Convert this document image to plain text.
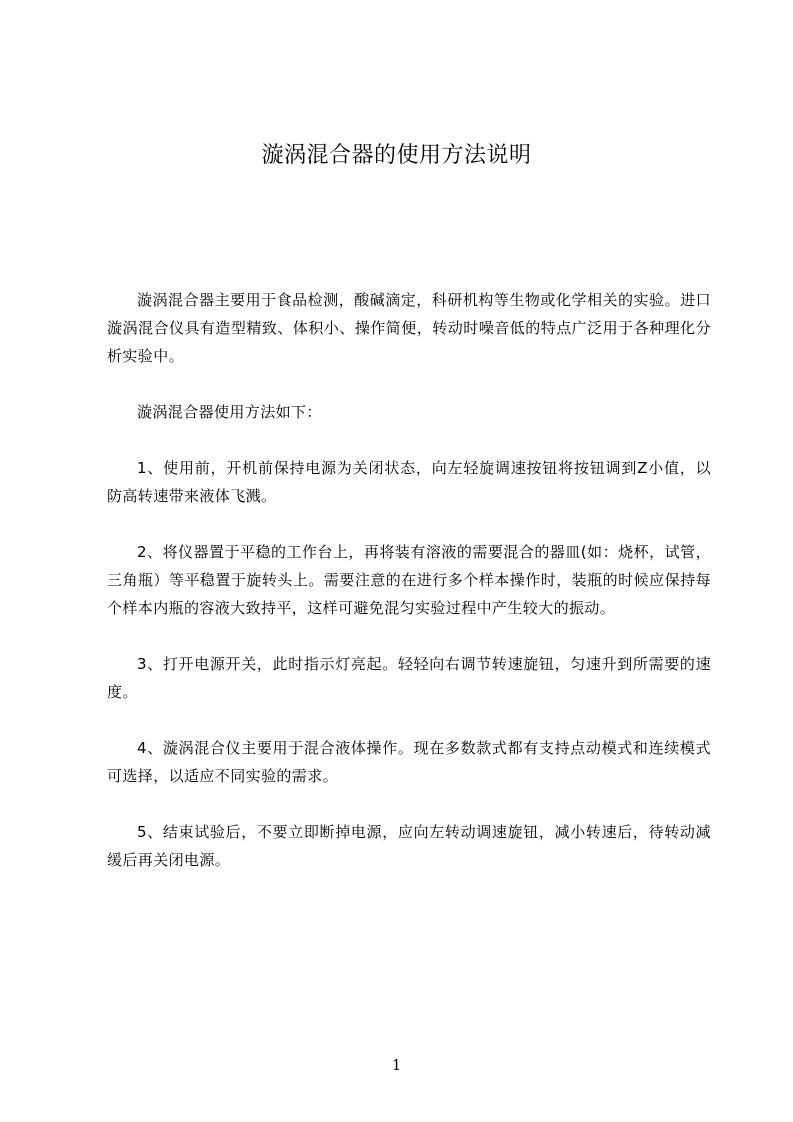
漩涡混合器的使用方法说明

漩涡混合器主要用于食品检测，酸碱滴定，科研机构等生物或化学相关的实验。进口漩涡混合仪具有造型精致、体积小、操作简便，转动时噪音低的特点广泛用于各种理化分析实验中。

漩涡混合器使用方法如下：

1、使用前，开机前保持电源为关闭状态，向左轻旋调速按钮将按钮调到Z小值，以防高转速带来液体飞溅。

2、将仪器置于平稳的工作台上，再将装有溶液的需要混合的器皿(如：烧杯，试管，三角瓶）等平稳置于旋转头上。需要注意的在进行多个样本操作时，装瓶的时候应保持每个样本内瓶的容液大致持平，这样可避免混匀实验过程中产生较大的振动。

3、打开电源开关，此时指示灯亮起。轻轻向右调节转速旋钮，匀速升到所需要的速度。

4、漩涡混合仪主要用于混合液体操作。现在多数款式都有支持点动模式和连续模式可选择，以适应不同实验的需求。

5、结束试验后，不要立即断掉电源，应向左转动调速旋钮，减小转速后，待转动减缓后再关闭电源。

1
